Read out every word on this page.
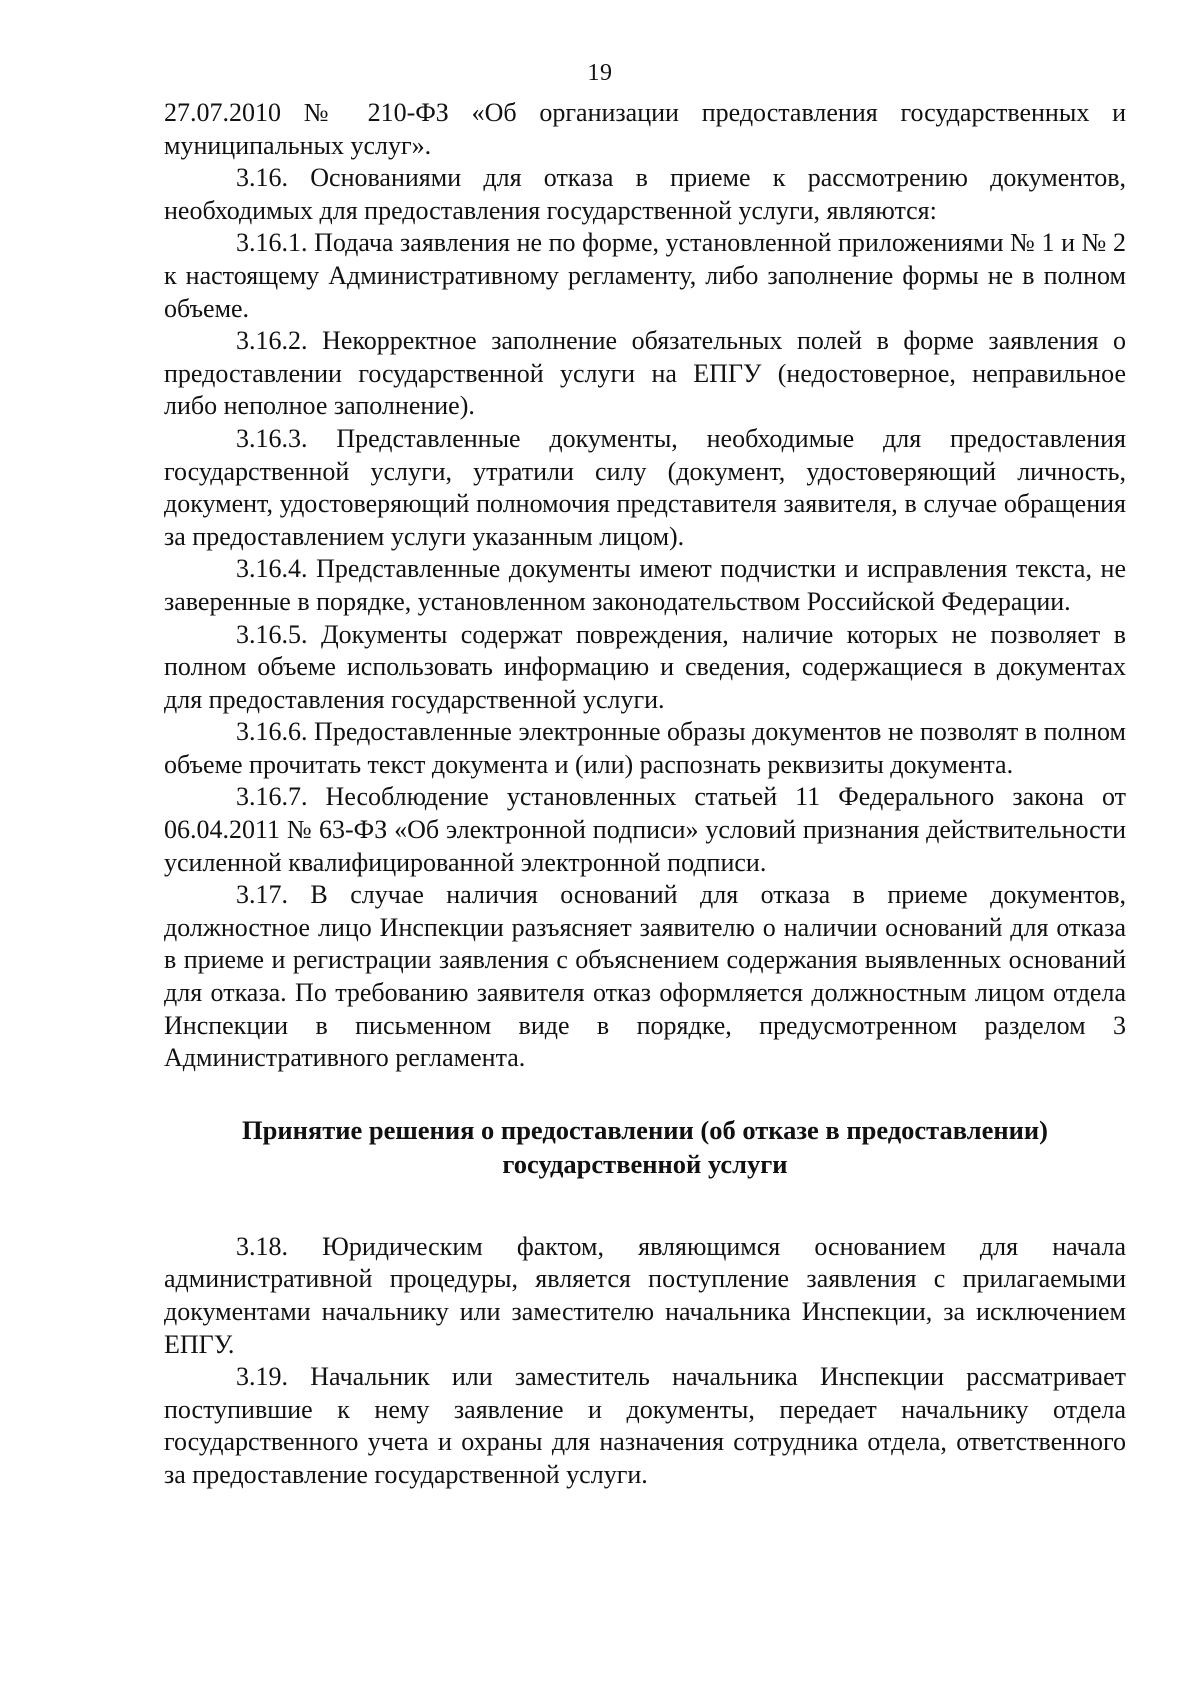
19

27.07.2010 № 210-ФЗ «Об организации предоставления государственных и муниципальных услуг».

3.16. Основаниями для отказа в приеме к рассмотрению документов, необходимых для предоставления государственной услуги, являются:

3.16.1. Подача заявления не по форме, установленной приложениями № 1 и № 2 к настоящему Административному регламенту, либо заполнение формы не в полном объеме.

3.16.2. Некорректное заполнение обязательных полей в форме заявления о предоставлении государственной услуги на ЕПГУ (недостоверное, неправильное либо неполное заполнение).

3.16.3. Представленные документы, необходимые для предоставления государственной услуги, утратили силу (документ, удостоверяющий личность, документ, удостоверяющий полномочия представителя заявителя, в случае обращения за предоставлением услуги указанным лицом).

3.16.4. Представленные документы имеют подчистки и исправления текста, не заверенные в порядке, установленном законодательством Российской Федерации.

3.16.5. Документы содержат повреждения, наличие которых не позволяет в полном объеме использовать информацию и сведения, содержащиеся в документах для предоставления государственной услуги.

3.16.6. Предоставленные электронные образы документов не позволят в полном объеме прочитать текст документа и (или) распознать реквизиты документа.

3.16.7. Несоблюдение установленных статьей 11 Федерального закона от 06.04.2011 № 63-ФЗ «Об электронной подписи» условий признания действительности усиленной квалифицированной электронной подписи.

3.17. В случае наличия оснований для отказа в приеме документов, должностное лицо Инспекции разъясняет заявителю о наличии оснований для отказа в приеме и регистрации заявления с объяснением содержания выявленных оснований для отказа. По требованию заявителя отказ оформляется должностным лицом отдела Инспекции в письменном виде в порядке, предусмотренном разделом 3 Административного регламента.

Принятие решения о предоставлении (об отказе в предоставлении)
государственной услуги

3.18. Юридическим фактом, являющимся основанием для начала административной процедуры, является поступление заявления с прилагаемыми документами начальнику или заместителю начальника Инспекции, за исключением ЕПГУ.

3.19. Начальник или заместитель начальника Инспекции рассматривает поступившие к нему заявление и документы, передает начальнику отдела государственного учета и охраны для назначения сотрудника отдела, ответственного за предоставление государственной услуги.
